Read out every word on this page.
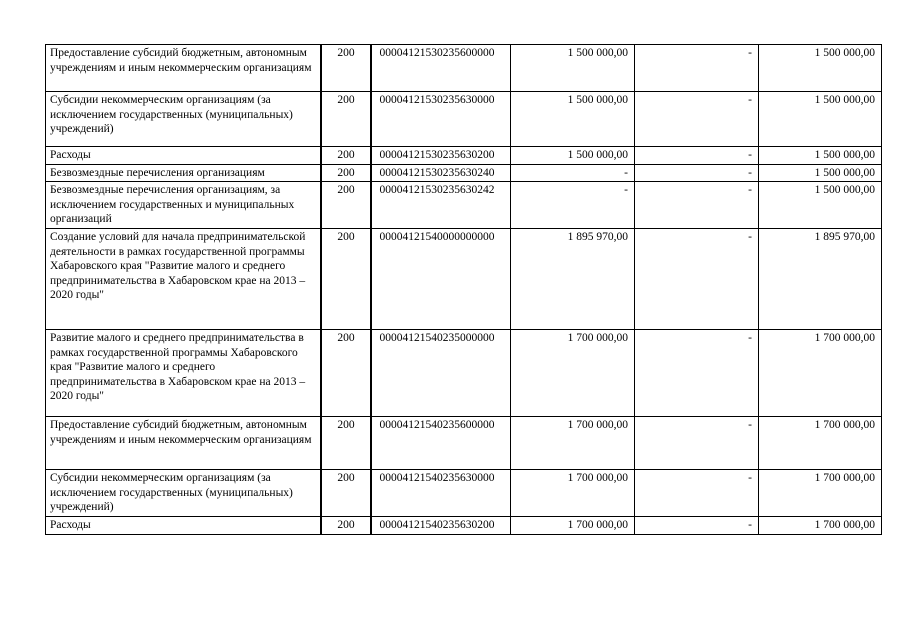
Предоставление субсидий бюджетным, автономным учреждениям и иным некоммерческим организациям	200	00004121530235600000	1 500 000,00	-	1 500 000,00
Субсидии некоммерческим организациям (за исключением государственных (муниципальных) учреждений)	200	00004121530235630000	1 500 000,00	-	1 500 000,00
Расходы	200	00004121530235630200	1 500 000,00	-	1 500 000,00
Безвозмездные перечисления организациям	200	00004121530235630240	-	-	1 500 000,00
Безвозмездные перечисления организациям, за исключением государственных и муниципальных организаций	200	00004121530235630242	-	-	1 500 000,00
Создание условий для начала предпринимательской деятельности в рамках государственной программы Хабаровского края "Развитие малого и среднего предпринимательства в Хабаровском крае на 2013 – 2020 годы"	200	00004121540000000000	1 895 970,00	-	1 895 970,00
Развитие малого и среднего предпринимательства в рамках государственной программы Хабаровского края "Развитие малого и среднего предпринимательства в Хабаровском крае на 2013 – 2020 годы"	200	00004121540235000000	1 700 000,00	-	1 700 000,00
Предоставление субсидий бюджетным, автономным учреждениям и иным некоммерческим организациям	200	00004121540235600000	1 700 000,00	-	1 700 000,00
Субсидии некоммерческим организациям (за исключением государственных (муниципальных) учреждений)	200	00004121540235630000	1 700 000,00	-	1 700 000,00
Расходы	200	00004121540235630200	1 700 000,00	-	1 700 000,00
